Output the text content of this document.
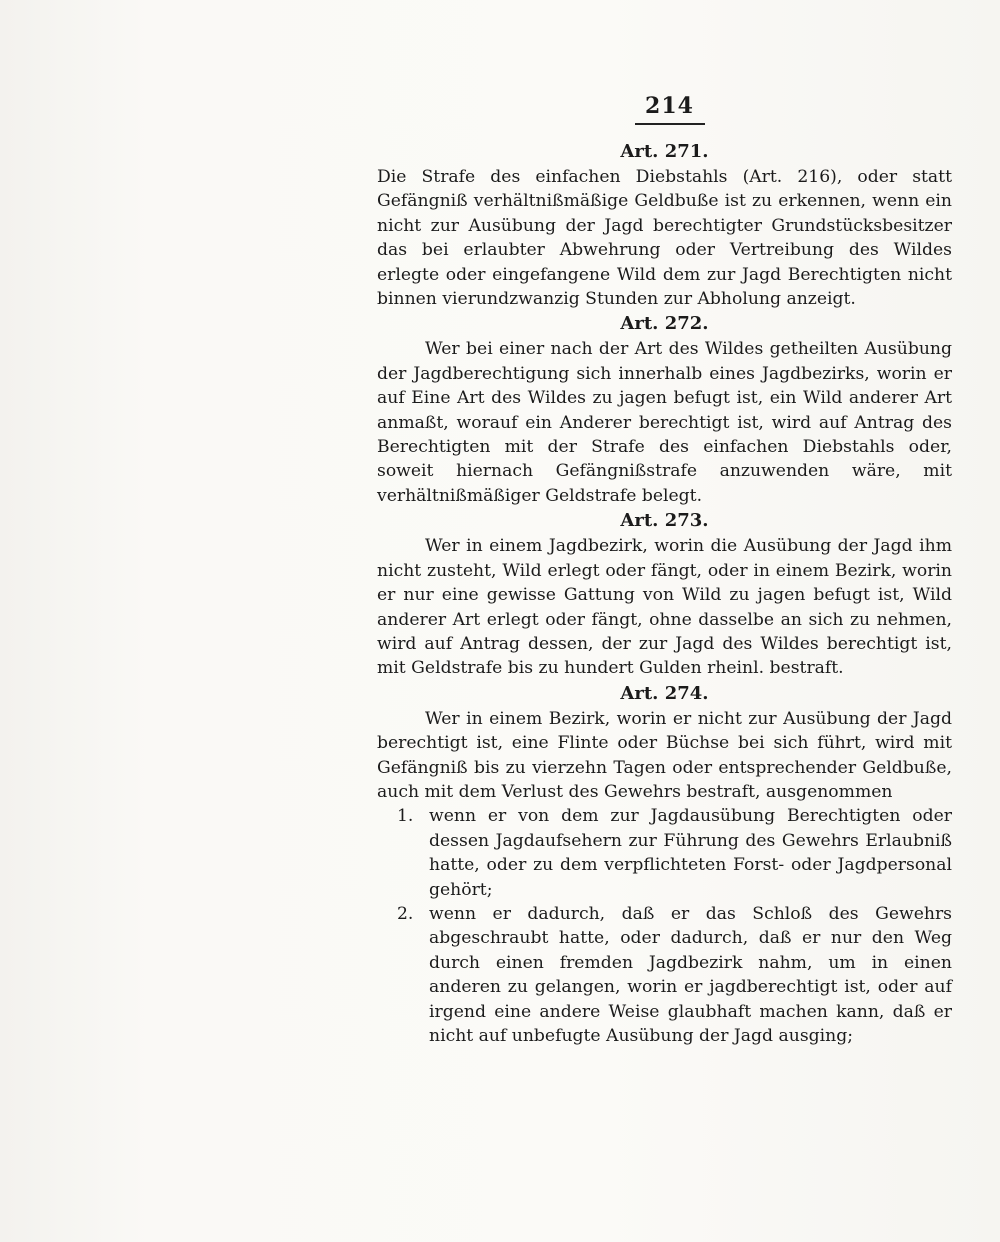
214
Art. 271.

Die Strafe des einfachen Diebstahls (Art. 216), oder statt Gefängniß verhältnißmäßige Geldbuße ist zu erkennen, wenn ein nicht zur Ausübung der Jagd berechtigter Grundstücksbesitzer das bei erlaubter Abwehrung oder Vertreibung des Wildes erlegte oder eingefangene Wild dem zur Jagd Berechtigten nicht binnen vierundzwanzig Stunden zur Abholung anzeigt.

Art. 272.

Wer bei einer nach der Art des Wildes getheilten Ausübung der Jagdberechtigung sich innerhalb eines Jagdbezirks, worin er auf Eine Art des Wildes zu jagen befugt ist, ein Wild anderer Art anmaßt, worauf ein Anderer berechtigt ist, wird auf Antrag des Berechtigten mit der Strafe des einfachen Diebstahls oder, soweit hiernach Gefängnißstrafe anzuwenden wäre, mit verhältnißmäßiger Geldstrafe belegt.

Art. 273.

Wer in einem Jagdbezirk, worin die Ausübung der Jagd ihm nicht zusteht, Wild erlegt oder fängt, oder in einem Bezirk, worin er nur eine gewisse Gattung von Wild zu jagen befugt ist, Wild anderer Art erlegt oder fängt, ohne dasselbe an sich zu nehmen, wird auf Antrag dessen, der zur Jagd des Wildes berechtigt ist, mit Geldstrafe bis zu hundert Gulden rheinl. bestraft.

Art. 274.

Wer in einem Bezirk, worin er nicht zur Ausübung der Jagd berechtigt ist, eine Flinte oder Büchse bei sich führt, wird mit Gefängniß bis zu vierzehn Tagen oder entsprechender Geldbuße, auch mit dem Verlust des Gewehrs bestraft, ausgenommen

1. wenn er von dem zur Jagdausübung Berechtigten oder dessen Jagdaufsehern zur Führung des Gewehrs Erlaubniß hatte, oder zu dem verpflichteten Forst- oder Jagdpersonal gehört;
2. wenn er dadurch, daß er das Schloß des Gewehrs abgeschraubt hatte, oder dadurch, daß er nur den Weg durch einen fremden Jagdbezirk nahm, um in einen anderen zu gelangen, worin er jagdberechtigt ist, oder auf irgend eine andere Weise glaubhaft machen kann, daß er nicht auf unbefugte Ausübung der Jagd ausging;
